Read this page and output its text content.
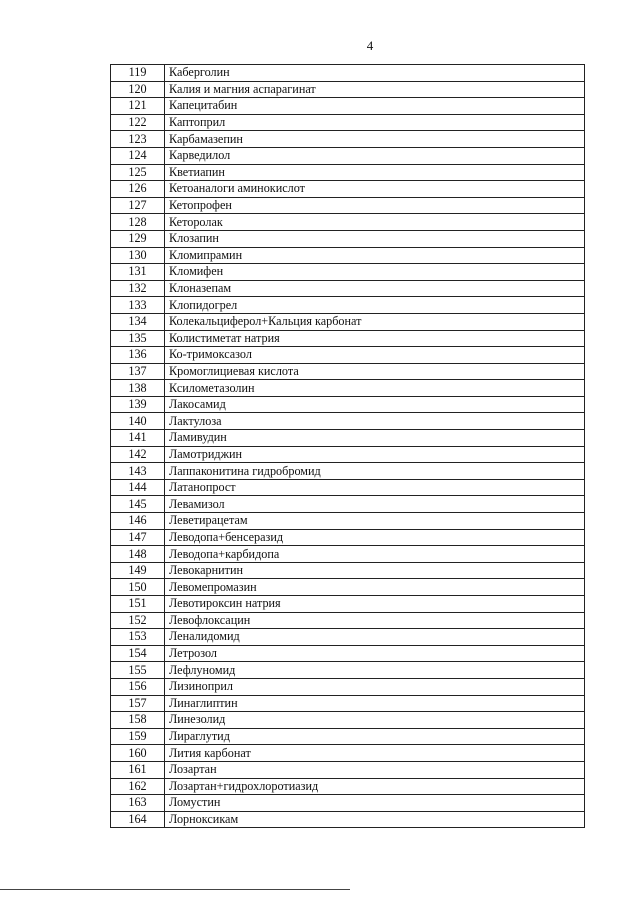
4
119	Каберголин
120	Калия и магния аспарагинат
121	Капецитабин
122	Каптоприл
123	Карбамазепин
124	Карведилол
125	Кветиапин
126	Кетоаналоги аминокислот
127	Кетопрофен
128	Кеторолак
129	Клозапин
130	Кломипрамин
131	Кломифен
132	Клоназепам
133	Клопидогрел
134	Колекальциферол+Кальция карбонат
135	Колистиметат натрия
136	Ко-тримоксазол
137	Кромоглициевая кислота
138	Ксилометазолин
139	Лакосамид
140	Лактулоза
141	Ламивудин
142	Ламотриджин
143	Лаппаконитина гидробромид
144	Латанопрост
145	Левамизол
146	Леветирацетам
147	Леводопа+бенсеразид
148	Леводопа+карбидопа
149	Левокарнитин
150	Левомепромазин
151	Левотироксин натрия
152	Левофлоксацин
153	Леналидомид
154	Летрозол
155	Лефлуномид
156	Лизиноприл
157	Линаглиптин
158	Линезолид
159	Лираглутид
160	Лития карбонат
161	Лозартан
162	Лозартан+гидрохлоротиазид
163	Ломустин
164	Лорноксикам
